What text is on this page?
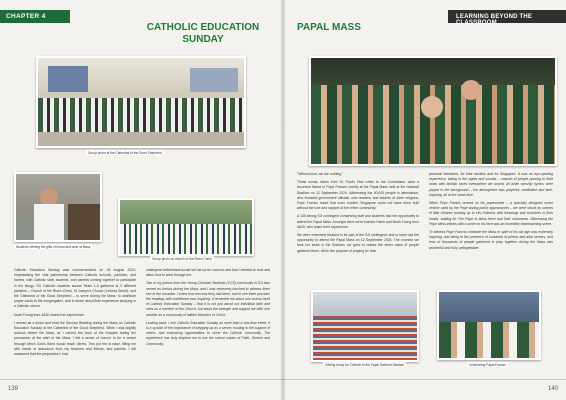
CHAPTER 4
CATHOLIC EDUCATION
SUNDAY
Group photo at the Cathedral of the Good Shepherd
Students offering the gifts of bread and wine at Mass
Group photo on church of the Risen Christ

Catholic Education Sunday was commemorated on 25 August 2024, emphasising the vital partnership between Catholic schools, parishes, and homes, with Catholic staff, students, and parents coming together to participate in the liturgy. SJI Catholic students across Years 1-6 gathered at 3 different parishes – Church of the Risen Christ, St Joseph's Church (Victoria Street), and the Cathedral of the Good Shepherd – to serve during the Mass, to distribute prayer cards to the congregation, and to share about their experience studying in a Catholic school.

Noah Foong from 4A20 shared his experience:

I served as a lector and read the Second Reading during the Mass on Catholic Education Sunday at the Cathedral of the Good Shepherd. While I was slightly anxious before the Mass, as I carried the book of the Gospels during the procession at the start of the Mass, I felt a sense of honour to be a vessel through which God's Word would reach others. This put me at ease, filling me with hands of assurance from my teachers and friends, and parents. I felt reassured that the preparation I had

undergone beforehand would set me up for success and that I needed to trust and allow God to work through me.

Two of my juniors from the Young Christian Students (YCS) community in SJI also served as lectors during the Mass, and I was extremely touched to witness them rise to the occasion. I knew how nervous they had been, and to see them proclaim the readings with confidence was inspiring. It reminded me about one crucial facet of Catholic Education Sunday – that it is not just about our individual faith and roles as a member of the Church, but about the strength and support we offer one another as a community of faithful followers of Christ.

Looking back, I see Catholic Education Sunday as more than a one-time event; it is a symbol of the importance of stepping up as a server, trusting in the support of others, and embracing opportunities to serve the Catholic community. The experience has truly inspired me to live the school values of Faith, Service and Community.

139
LEARNING BEYOND THE CLASSROOM
PAPAL MASS

"Without love, we are nothing."

These words, taken from St. Paul's First Letter to the Corinthians, were a recurrent theme in Pope Francis' homily at the Papal Mass held at the National Stadium on 12 September 2024. Addressing the 50,000 people in attendance, who included government officials, civic leaders, and leaders of other religions, Pope Francis noted that even modern Singapore could not have been built without the love and support of the entire community.

A 140-strong SJI contingent comprising staff and students had the opportunity to attend the Papal Mass. Amongst them were Kaedon Hsieh and Noah Foong from 4A20, who share their experience:

We were extremely blessed to be part of the SJI contingent, and to have had the opportunity to attend the Papal Mass on 12 September 2024. The moment we took our seats in the Stadium, we grew to realise the sheer mass of people gathered there, all for the purpose of praying for their

personal intentions, for their families and for Singapore. It was an eye-opening experience, taking in the sights and sounds – masses of people pouring to their seats with familiar faces everywhere we turned, all while worship hymns were played in the background – the atmosphere was prayerful, meditative and awe-inspiring, all at the same time.

When Pope Francis arrived on his popemobile – a specially designed motor vehicle used by the Pope during public appearances – we were struck by scenes of little children running up to His Holiness with blessings and crucifixes in their hands, waiting for The Pope to bless them and their ornaments. Witnessing the Pope bless infants with a smile on his face was an incredibly heartwarming scene.

To witness Pope Francis celebrate the Mass in spite of his old age was extremely inspiring, and being in the presence of hundreds of priests and altar servers, and tens of thousands of people gathered to pray together during the Mass was wonderful and truly unforgettable.

Getting ready for Catholic to the Papal National Stadium	Celebrating Papal Francis
140
